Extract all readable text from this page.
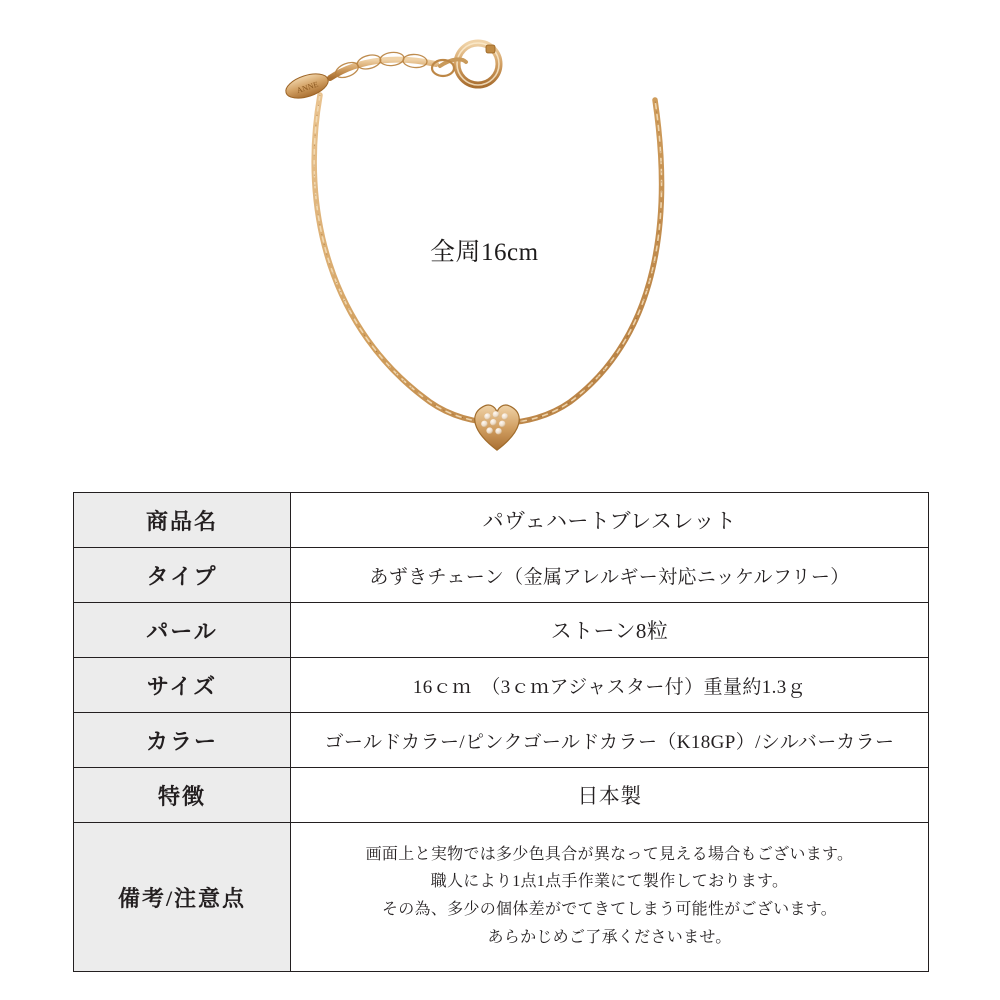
ANNE
全周16cm
商品名	パヴェハートブレスレット
タイプ	あずきチェーン（金属アレルギー対応ニッケルフリー）
パール	ストーン8粒
サイズ	16ｃｍ　（3ｃｍアジャスター付）重量約1.3ｇ
カラー	ゴールドカラー/ピンクゴールドカラー（K18GP）/シルバーカラー
特徴	日本製
備考/注意点	画面上と実物では多少色具合が異なって見える場合もございます。
職人により1点1点手作業にて製作しております。
その為、多少の個体差がでてきてしまう可能性がございます。
あらかじめご了承くださいませ。
